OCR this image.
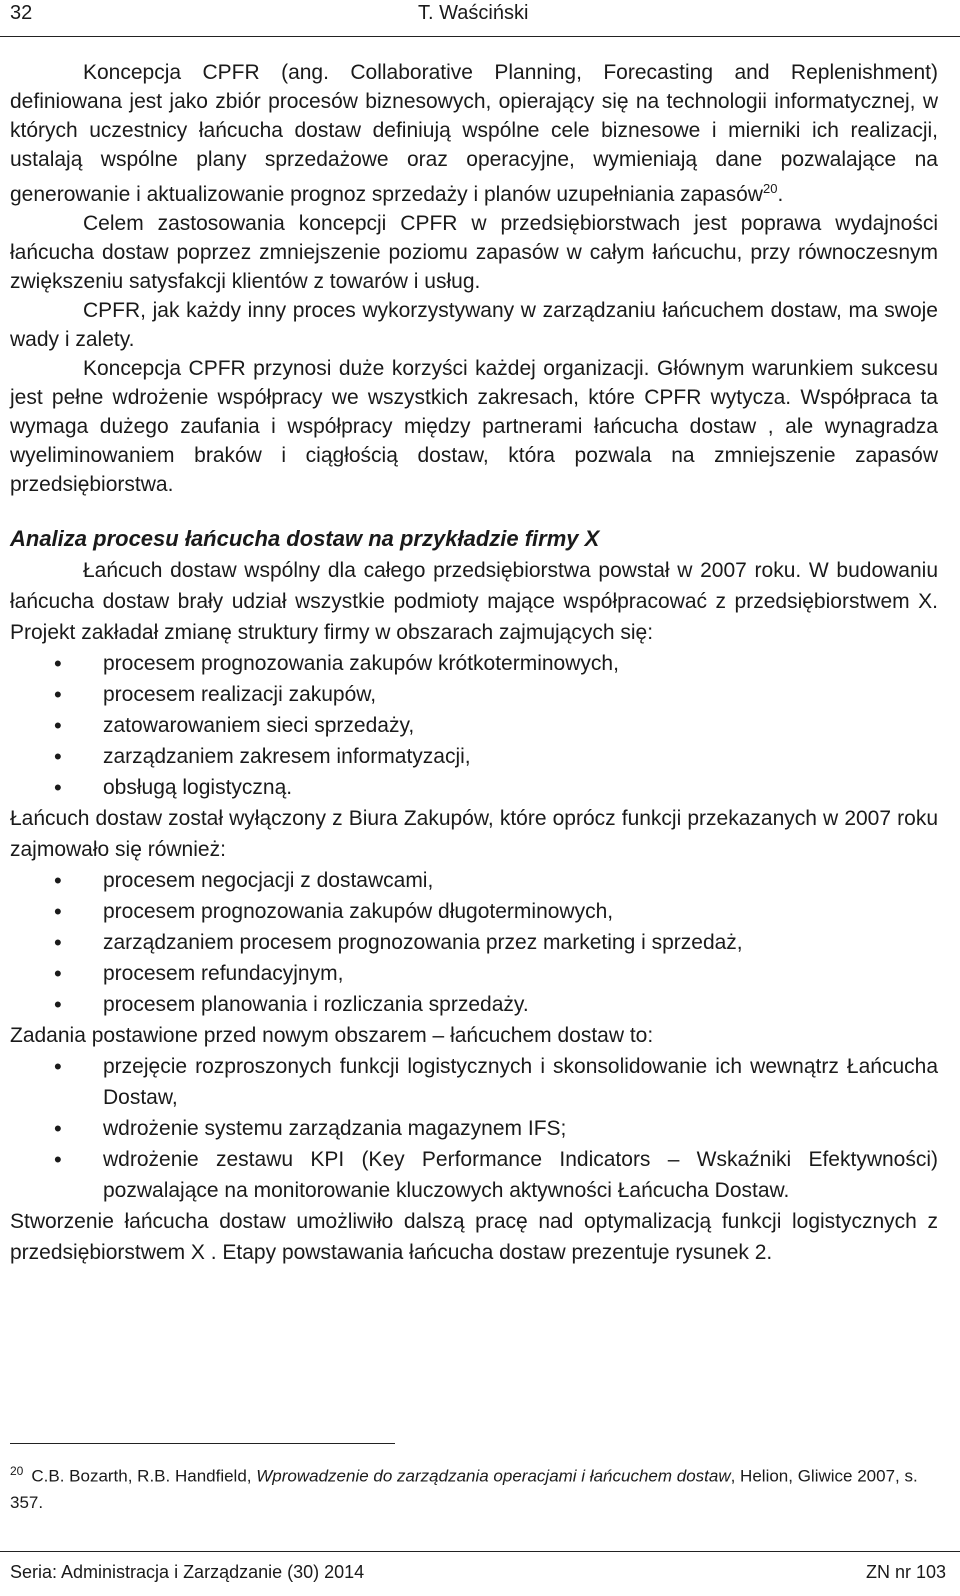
32	T. Waściński

Koncepcja CPFR (ang. Collaborative Planning, Forecasting and Replenishment) definiowana jest jako zbiór procesów biznesowych, opierający się na technologii informatycznej, w których uczestnicy łańcucha dostaw definiują wspólne cele biznesowe i mierniki ich realizacji, ustalają wspólne plany sprzedażowe oraz operacyjne, wymieniają dane pozwalające na generowanie i aktualizowanie prognoz sprzedaży i planów uzupełniania zapasów$^{20}$.

Celem zastosowania koncepcji CPFR w przedsiębiorstwach jest poprawa wydajności łańcucha dostaw poprzez zmniejszenie poziomu zapasów w całym łańcuchu, przy równoczesnym zwiększeniu satysfakcji klientów z towarów i usług.

CPFR, jak każdy inny proces wykorzystywany w zarządzaniu łańcuchem dostaw, ma swoje wady i zalety.

Koncepcja CPFR przynosi duże korzyści każdej organizacji. Głównym warunkiem sukcesu jest pełne wdrożenie współpracy we wszystkich zakresach, które CPFR wytycza. Współpraca ta wymaga dużego zaufania i współpracy między partnerami łańcucha dostaw , ale wynagradza wyeliminowaniem braków i ciągłością dostaw, która pozwala na zmniejszenie zapasów przedsiębiorstwa.

Analiza procesu łańcucha dostaw na przykładzie firmy X

Łańcuch dostaw wspólny dla całego przedsiębiorstwa powstał w 2007 roku. W budowaniu łańcucha dostaw brały udział wszystkie podmioty mające współpracować z przedsiębiorstwem X. Projekt zakładał zmianę struktury firmy w obszarach zajmujących się:

• procesem prognozowania zakupów krótkoterminowych,
• procesem realizacji zakupów,
• zatowarowaniem sieci sprzedaży,
• zarządzaniem zakresem informatyzacji,
• obsługą logistyczną.

Łańcuch dostaw został wyłączony z Biura Zakupów, które oprócz funkcji przekazanych w 2007 roku zajmowało się również:

• procesem negocjacji z dostawcami,
• procesem prognozowania zakupów długoterminowych,
• zarządzaniem procesem prognozowania przez marketing i sprzedaż,
• procesem refundacyjnym,
• procesem planowania i rozliczania sprzedaży.

Zadania postawione przed nowym obszarem – łańcuchem dostaw to:

• przejęcie rozproszonych funkcji logistycznych i skonsolidowanie ich wewnątrz Łańcucha Dostaw,
• wdrożenie systemu zarządzania magazynem IFS;
• wdrożenie zestawu KPI (Key Performance Indicators – Wskaźniki Efektywności) pozwalające na monitorowanie kluczowych aktywności Łańcucha Dostaw.

Stworzenie łańcucha dostaw umożliwiło dalszą pracę nad optymalizacją funkcji logistycznych z przedsiębiorstwem X . Etapy powstawania łańcucha dostaw prezentuje rysunek 2.

$^{20}$ C.B. Bozarth, R.B. Handfield, Wprowadzenie do zarządzania operacjami i łańcuchem dostaw, Helion, Gliwice 2007, s. 357.
Seria: Administracja i Zarządzanie (30) 2014	ZN nr 103
